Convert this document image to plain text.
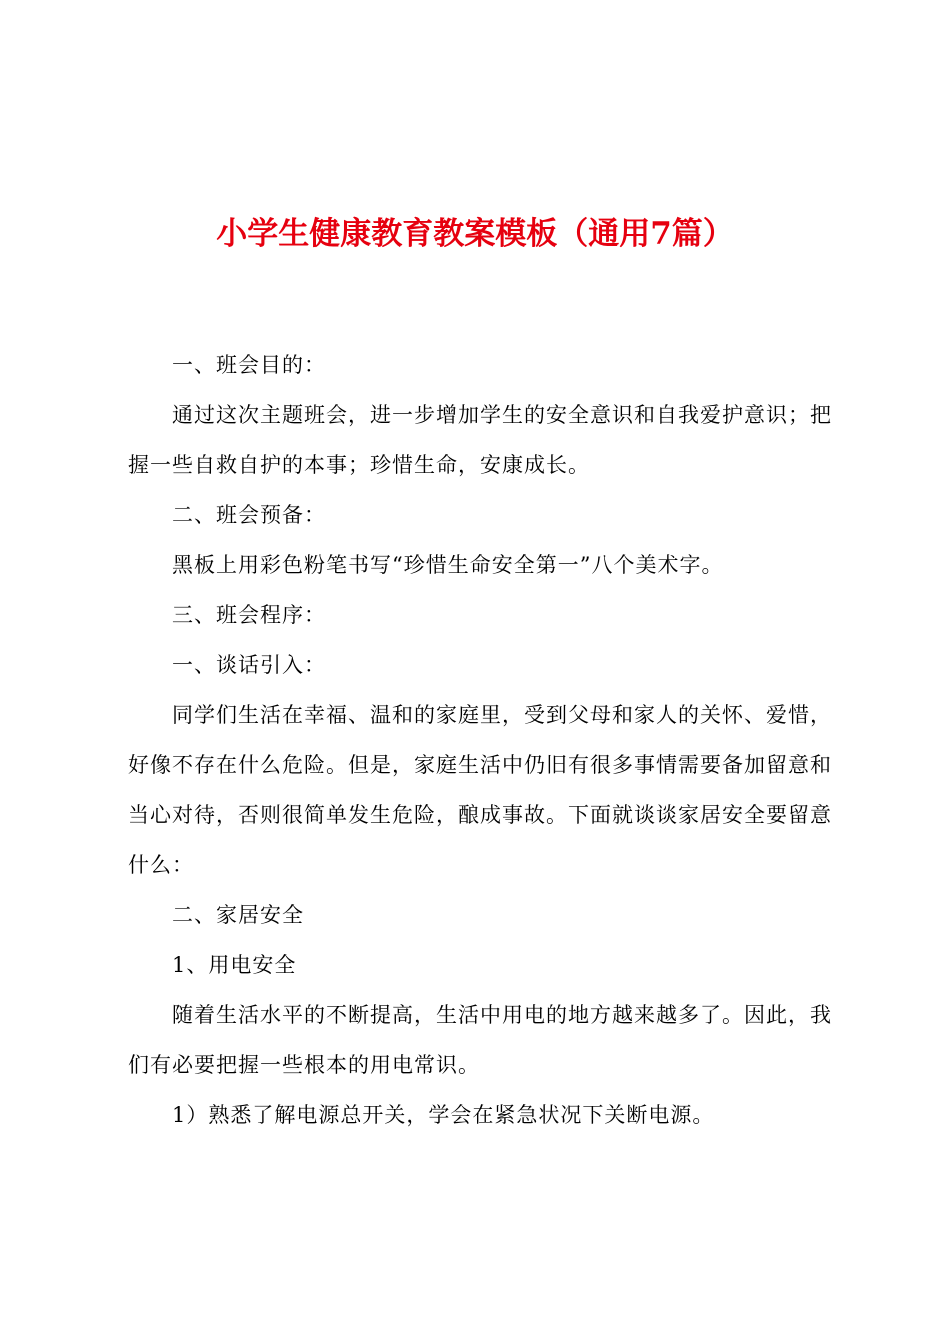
小学生健康教育教案模板（通用7篇）

一、班会目的：

通过这次主题班会，进一步增加学生的安全意识和自我爱护意识；把握一些自救自护的本事；珍惜生命，安康成长。

二、班会预备：

黑板上用彩色粉笔书写“珍惜生命安全第一”八个美术字。

三、班会程序：

一、谈话引入：

同学们生活在幸福、温和的家庭里，受到父母和家人的关怀、爱惜，好像不存在什么危险。但是，家庭生活中仍旧有很多事情需要备加留意和当心对待，否则很简单发生危险，酿成事故。下面就谈谈家居安全要留意什么：

二、家居安全

1、用电安全

随着生活水平的不断提高，生活中用电的地方越来越多了。因此，我们有必要把握一些根本的用电常识。

1）熟悉了解电源总开关，学会在紧急状况下关断电源。
